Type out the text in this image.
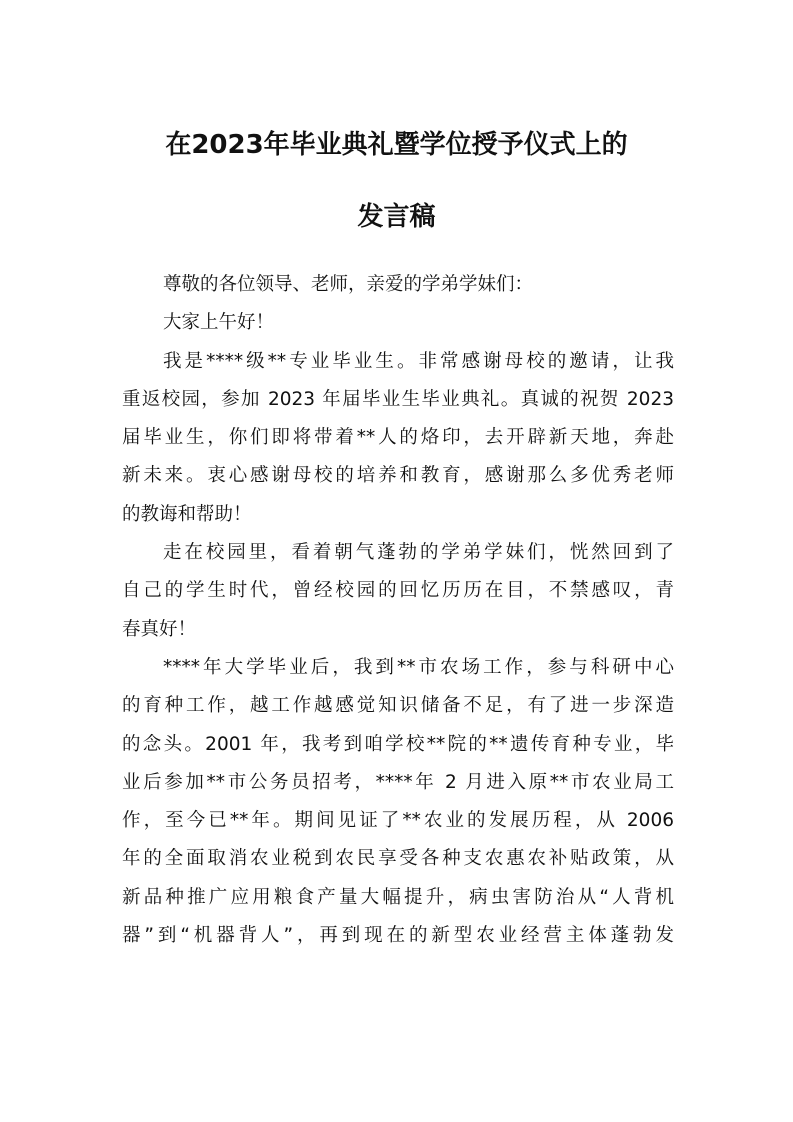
在2023年毕业典礼暨学位授予仪式上的
发言稿
尊敬的各位领导、老师，亲爱的学弟学妹们：
大家上午好！
我是****级**专业毕业生。非常感谢母校的邀请，让我
重返校园，参加 2023 年届毕业生毕业典礼。真诚的祝贺 2023
届毕业生，你们即将带着**人的烙印，去开辟新天地，奔赴
新未来。衷心感谢母校的培养和教育，感谢那么多优秀老师
的教诲和帮助！
走在校园里，看着朝气蓬勃的学弟学妹们，恍然回到了
自己的学生时代，曾经校园的回忆历历在目，不禁感叹，青
春真好！
****年大学毕业后，我到**市农场工作，参与科研中心
的育种工作，越工作越感觉知识储备不足，有了进一步深造
的念头。2001 年，我考到咱学校**院的**遗传育种专业，毕
业后参加**市公务员招考，****年 2 月进入原**市农业局工
作，至今已**年。期间见证了**农业的发展历程，从 2006
年的全面取消农业税到农民享受各种支农惠农补贴政策，从
新品种推广应用粮食产量大幅提升，病虫害防治从“人背机
器”到“机器背人”，再到现在的新型农业经营主体蓬勃发
